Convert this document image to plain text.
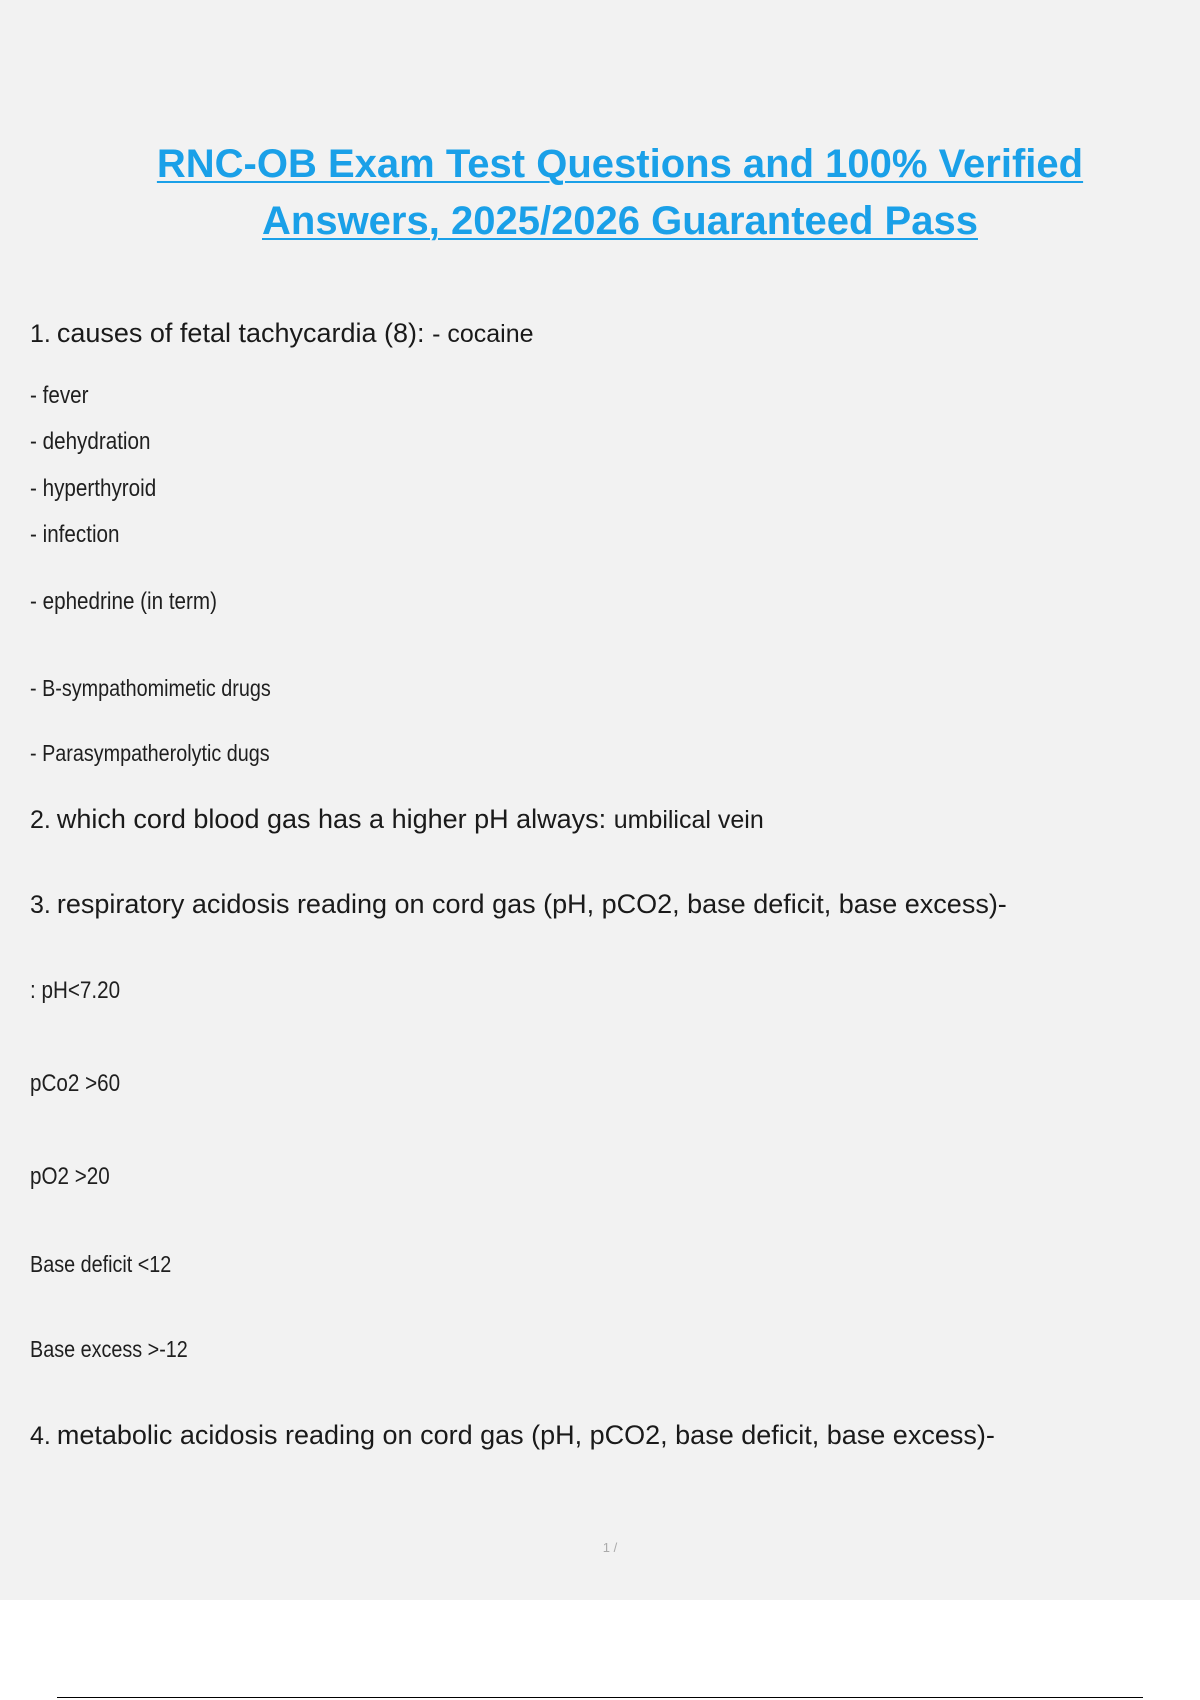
RNC-OB Exam Test Questions and 100% Verified
Answers, 2025/2026 Guaranteed Pass
1. causes of fetal tachycardia (8): - cocaine
- fever
- dehydration
- hyperthyroid
- infection
- ephedrine (in term)
- B-sympathomimetic drugs
- Parasympatherolytic dugs
2. which cord blood gas has a higher pH always: umbilical vein
3. respiratory acidosis reading on cord gas (pH, pCO2, base deficit, base excess)-
: pH<7.20
pCo2 >60
pO2 >20
Base deficit <12
Base excess >-12
4. metabolic acidosis reading on cord gas (pH, pCO2, base deficit, base excess)-
1 /
